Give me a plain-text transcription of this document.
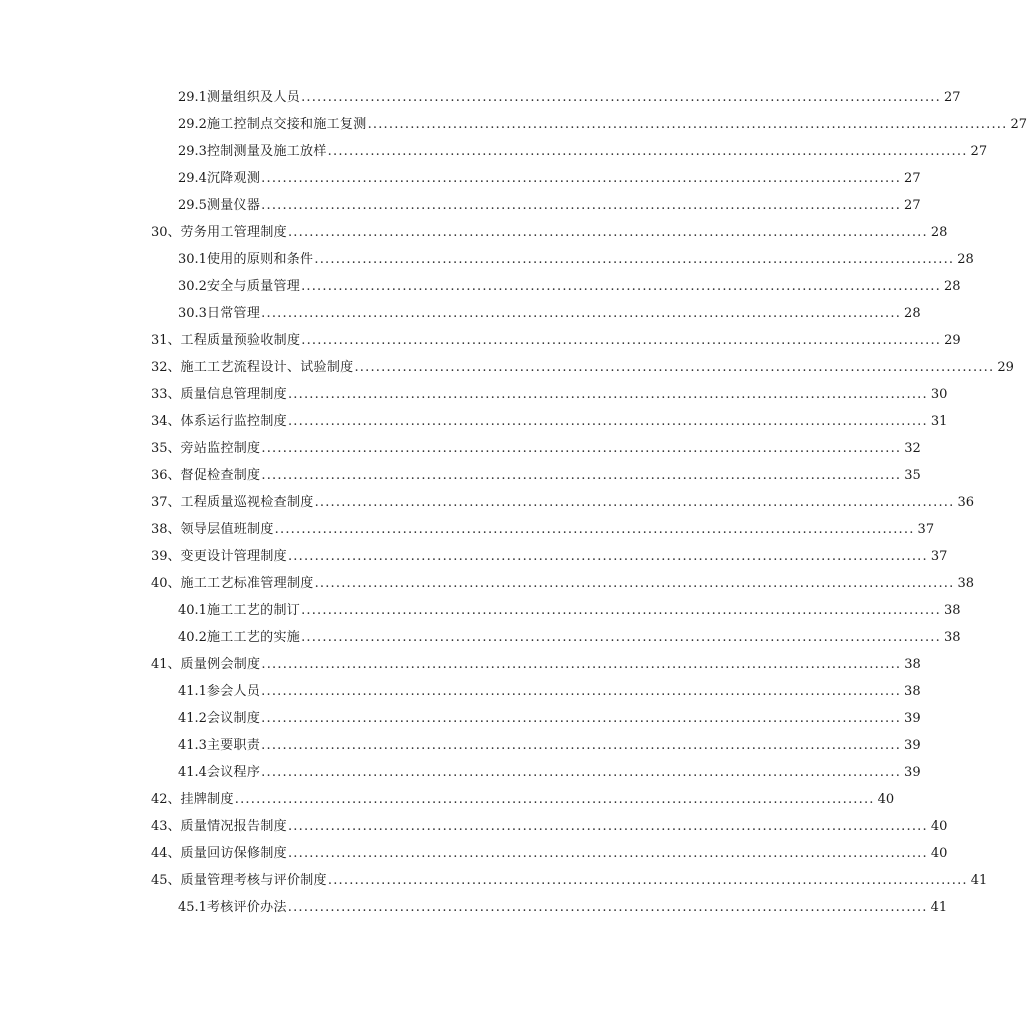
29.1 测量组织及人员 ........................................................................................................................ 27
29.2 施工控制点交接和施工复测 ........................................................................................................................ 27
29.3 控制测量及施工放样 ........................................................................................................................ 27
29.4 沉降观测 ........................................................................................................................ 27
29.5 测量仪器 ........................................................................................................................ 27
30、 劳务用工管理制度 ........................................................................................................................ 28
30.1 使用的原则和条件 ........................................................................................................................ 28
30.2 安全与质量管理 ........................................................................................................................ 28
30.3 日常管理 ........................................................................................................................ 28
31、 工程质量预验收制度 ........................................................................................................................ 29
32、 施工工艺流程设计、试验制度 ........................................................................................................................ 29
33、 质量信息管理制度 ........................................................................................................................ 30
34、 体系运行监控制度 ........................................................................................................................ 31
35、 旁站监控制度 ........................................................................................................................ 32
36、 督促检查制度 ........................................................................................................................ 35
37、 工程质量巡视检查制度 ........................................................................................................................ 36
38、 领导层值班制度 ........................................................................................................................ 37
39、 变更设计管理制度 ........................................................................................................................ 37
40、 施工工艺标准管理制度 ........................................................................................................................ 38
40.1 施工工艺的制订 ........................................................................................................................ 38
40.2 施工工艺的实施 ........................................................................................................................ 38
41、 质量例会制度 ........................................................................................................................ 38
41.1 参会人员 ........................................................................................................................ 38
41.2 会议制度 ........................................................................................................................ 39
41.3 主要职责 ........................................................................................................................ 39
41.4 会议程序 ........................................................................................................................ 39
42、 挂牌制度 ........................................................................................................................ 40
43、 质量情况报告制度 ........................................................................................................................ 40
44、 质量回访保修制度 ........................................................................................................................ 40
45、 质量管理考核与评价制度 ........................................................................................................................ 41
45.1 考核评价办法 ........................................................................................................................ 41
